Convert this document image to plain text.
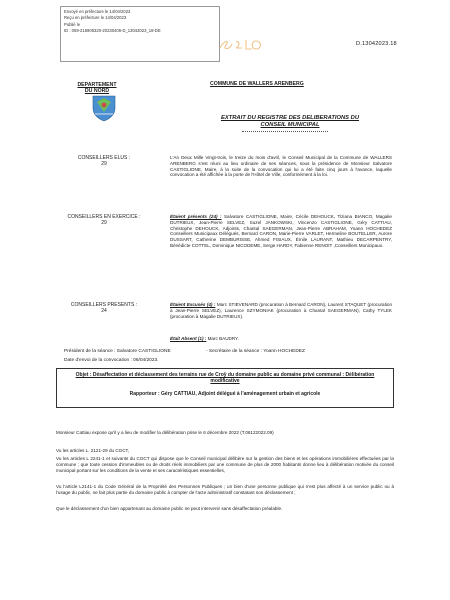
Envoyé en préfecture le 14/04/2023
Reçu en préfecture le 14/04/2023
Publié le
ID : 059-215906320-20230406-D_13042023_18-DE
D.13042023.18
DEPARTEMENT
DU NORD
COMMUNE DE WALLERS ARENBERG
EXTRAIT DU REGISTRE DES DELIBERATIONS DU
CONSEIL MUNICIPAL
CONSEILLERS ELUS :
29
L'An Deux Mille Vingt-trois, le treize du mois d'avril, le Conseil Municipal de la Commune de WALLERS ARENBERG s'est réuni au lieu ordinaire de ses séances, sous la présidence de Monsieur Salvatore CASTIGLIONE, Maire, à la suite de la convocation qui lui a été faite cinq jours à l'avance, laquelle convocation a été affichée à la porte de l'Hôtel de Ville, conformément à la loi.
CONSEILLERS EN EXERCICE :
29
Étaient présents (24) : Salvatore CASTIGLIONE, Maire, Cécile DEHOUCK, Tiziana BIANCO, Magalie DUTRIEUX, Jean-Pierre SELVEZ, Suzel JANKOWSKI, Vincenzo CASTIGLIONE, Géry CATTIAU, Christophe DEHOUCK, Adjoints, Chantal SAEGERMAN, Jean-Pierre ABRAHAM, Yoann HOCHEDEZ Conseillers Municipaux Délégués, Bernard CARON, Marie-Pierre VARLET, Hermeline BOUTELLER, Aurore DUSSART, Catherine DEMBURISSE, Ahmed FISIAUX, Émile LAURANT, Mathieu DECARPENTRY, Bénédicte COTTEL, Dominique NICODEME, Serge HARDY, Fabienne RENOIT ,Conseillers Municipaux.
CONSEILLERS PRESENTS :
24
Étaient Excusés (4) : Marc STIEVENARD (procuration à Bernard CARON), Laurent STAQUET (procuration à Jean-Pierre SELVEZ), Laurence SZYMONIAK (procuration à Chantal SAEGERMAN), Cathy TYLEK (procuration à Magalie DUTRIEUX).
Était Absent (1) : Marc BAUDRY.
Président de la séance : Salvatore CASTIGLIONE	- Secrétaire de la séance : Yoann HOCHEDEZ
Date d'envoi de la convocation : 06/04/2023.
Objet : Désaffectation et déclassement des terrains rue de Croÿ du domaine public au domaine privé communal : Délibération modificative
Rapporteur : Géry CATTIAU, Adjoint délégué à l'aménagement urbain et agricole
Monsieur Cattiau expose qu'il y a lieu de modifier la délibération prise le 6 décembre 2022 (T.06122022.09)
Vu les articles L. 2121-29 du CGCT,
Vu les articles L 2241-1 et suivants du CGCT qui dispose que le Conseil municipal délibère sur la gestion des biens et les opérations immobilières effectuées par la commune ; que toute cession d'immeubles ou de droits réels immobiliers par une commune de plus de 2000 habitants donne lieu à délibération motivée du conseil municipal portant sur les conditions de la vente et ses caractéristiques essentielles,
Vu l'article L2141-1 du Code Général de la Propriété des Personnes Publiques ; un bien d'une personne publique qui n'est plus affecté à un service public ou à l'usage du public, ne fait plus partie du domaine public à compter de l'acte administratif constatant son déclassement ;
Que le déclassement d'un bien appartenant au domaine public ne peut intervenir sans désaffectation préalable.
